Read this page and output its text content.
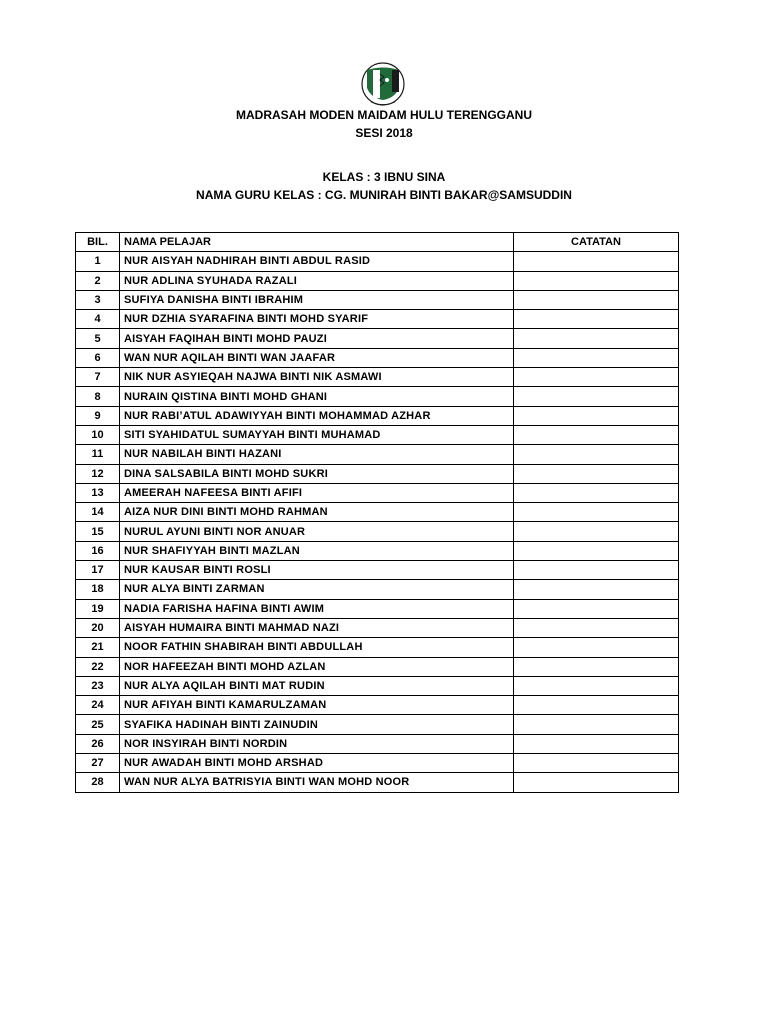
MADRASAH MODEN MAIDAM HULU TERENGGANU
SESI 2018
KELAS : 3 IBNU SINA
NAMA GURU KELAS : CG. MUNIRAH BINTI BAKAR@SAMSUDDIN
BIL.	NAMA PELAJAR	CATATAN
1	NUR AISYAH NADHIRAH BINTI ABDUL RASID	
2	NUR ADLINA SYUHADA RAZALI	
3	SUFIYA DANISHA BINTI IBRAHIM	
4	NUR DZHIA SYARAFINA BINTI MOHD SYARIF	
5	AISYAH FAQIHAH BINTI MOHD PAUZI	
6	WAN NUR AQILAH BINTI WAN JAAFAR	
7	NIK NUR ASYIEQAH NAJWA BINTI NIK ASMAWI	
8	NURAIN QISTINA BINTI MOHD GHANI	
9	NUR RABI’ATUL ADAWIYYAH BINTI MOHAMMAD AZHAR	
10	SITI SYAHIDATUL SUMAYYAH BINTI MUHAMAD	
11	NUR NABILAH BINTI HAZANI	
12	DINA SALSABILA BINTI MOHD SUKRI	
13	AMEERAH NAFEESA BINTI AFIFI	
14	AIZA NUR DINI BINTI MOHD RAHMAN	
15	NURUL AYUNI BINTI NOR ANUAR	
16	NUR SHAFIYYAH BINTI MAZLAN	
17	NUR KAUSAR BINTI ROSLI	
18	NUR ALYA BINTI ZARMAN	
19	NADIA FARISHA HAFINA BINTI AWIM	
20	AISYAH HUMAIRA BINTI MAHMAD NAZI	
21	NOOR FATHIN SHABIRAH BINTI ABDULLAH	
22	NOR HAFEEZAH BINTI MOHD AZLAN	
23	NUR ALYA AQILAH BINTI MAT RUDIN	
24	NUR AFIYAH BINTI KAMARULZAMAN	
25	SYAFIKA HADINAH BINTI ZAINUDIN	
26	NOR INSYIRAH BINTI NORDIN	
27	NUR AWADAH BINTI MOHD ARSHAD	
28	WAN NUR ALYA BATRISYIA BINTI WAN MOHD NOOR	
